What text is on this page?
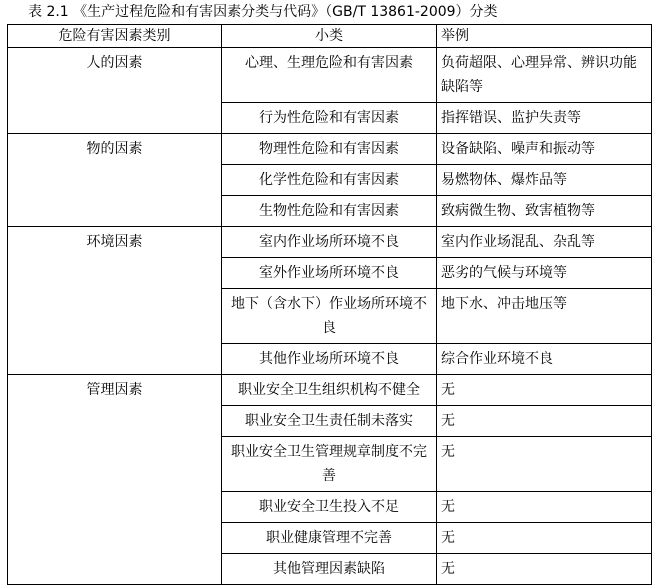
表 2.1 《生产过程危险和有害因素分类与代码》（GB/T 13861-2009）分类
危险有害因素类别	小类	举例
人的因素	心理、生理危险和有害因素	负荷超限、心理异常、辨识功能缺陷等
	行为性危险和有害因素	指挥错误、监护失责等
物的因素	物理性危险和有害因素	设备缺陷、噪声和振动等
	化学性危险和有害因素	易燃物体、爆炸品等
	生物性危险和有害因素	致病微生物、致害植物等
环境因素	室内作业场所环境不良	室内作业场混乱、杂乱等
	室外作业场所环境不良	恶劣的气候与环境等
	地下（含水下）作业场所环境不良	地下水、冲击地压等
	其他作业场所环境不良	综合作业环境不良
管理因素	职业安全卫生组织机构不健全	无
	职业安全卫生责任制未落实	无
	职业安全卫生管理规章制度不完善	无
	职业安全卫生投入不足	无
	职业健康管理不完善	无
	其他管理因素缺陷	无
